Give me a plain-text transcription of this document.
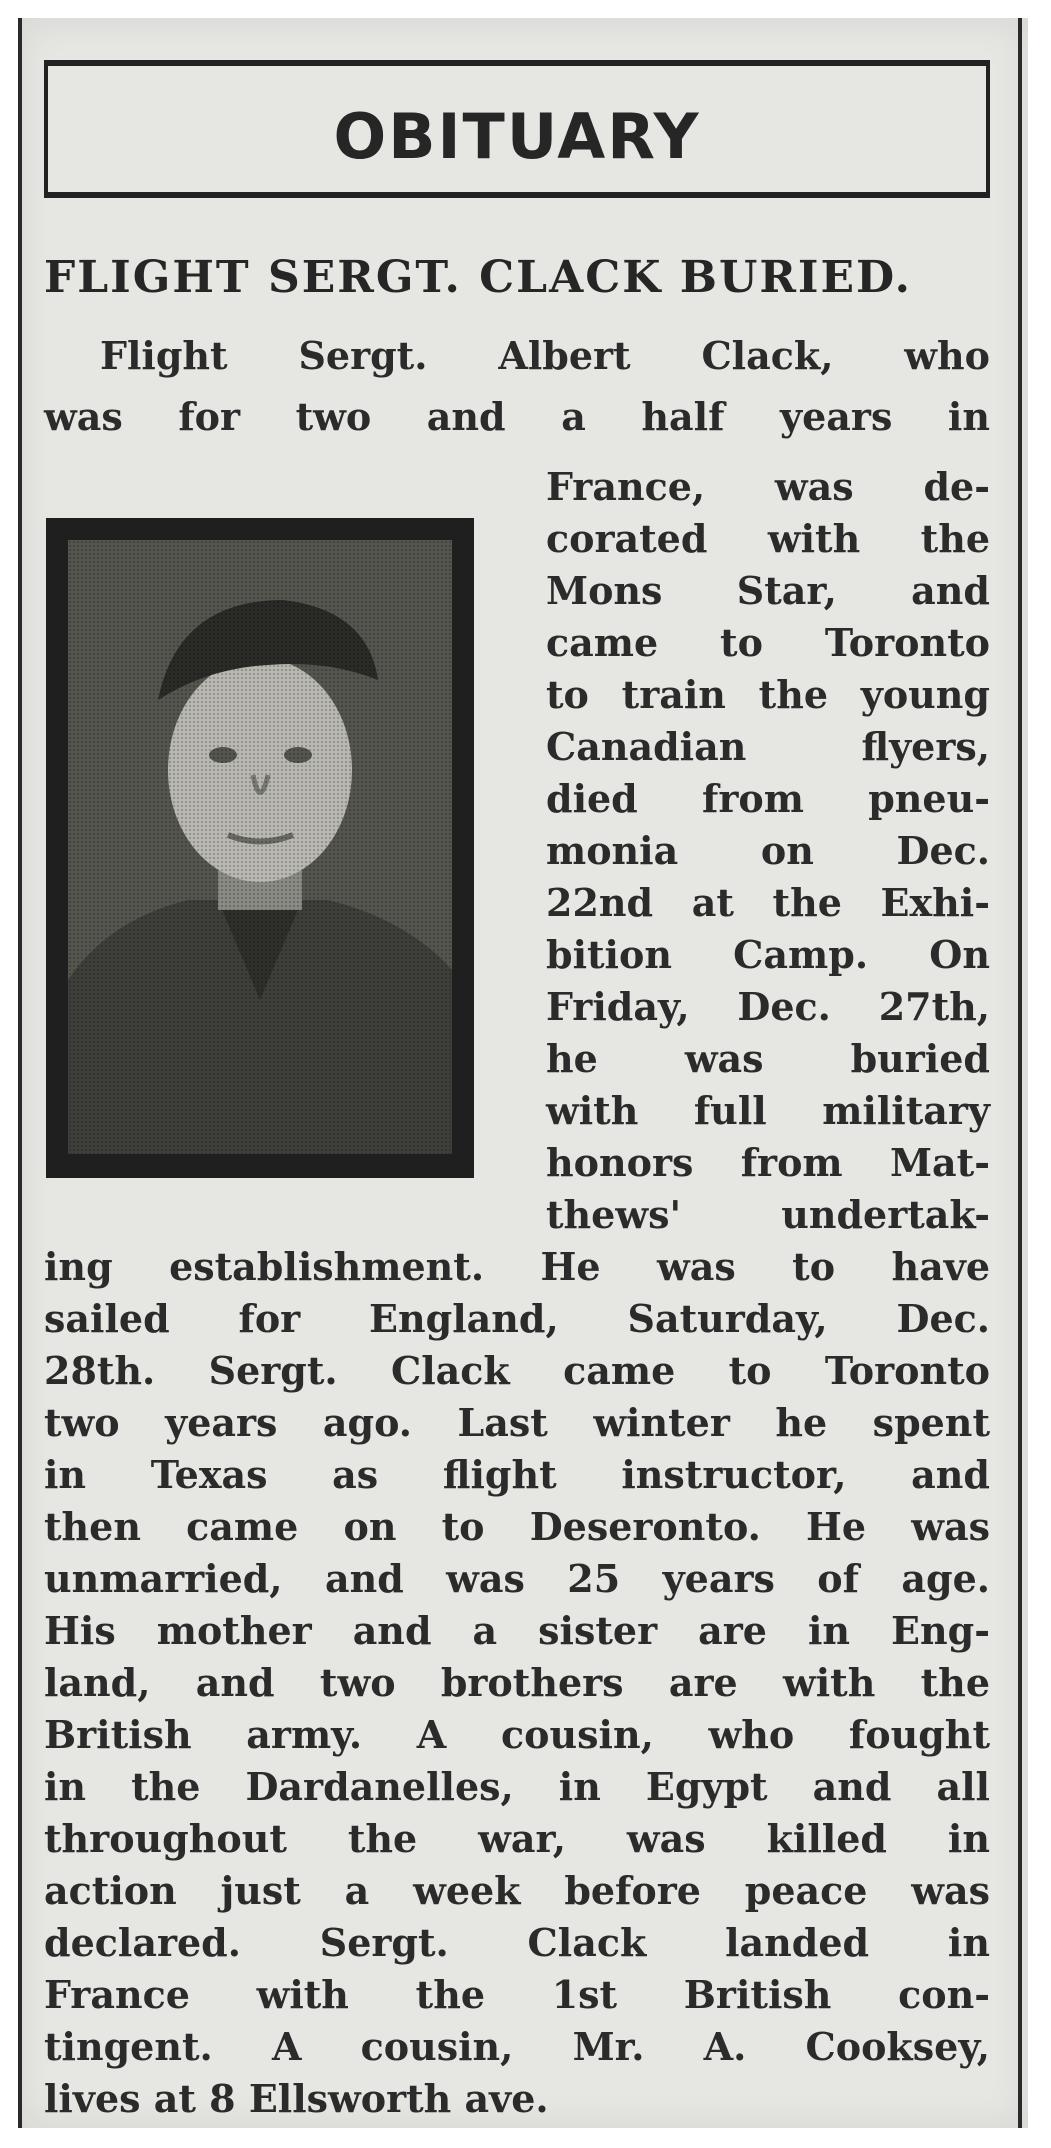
OBITUARY
FLIGHT SERGT. CLACK BURIED.
Flight Sergt. Albert Clack, who
was for two and a half years in
France, was de-
corated with the
Mons Star, and
came to Toronto
to train the young
Canadian flyers,
died from pneu-
monia on Dec.
22nd at the Exhi-
bition Camp. On
Friday, Dec. 27th,
he was buried
with full military
honors from Mat-
thews' undertak-
ing establishment. He was to have
sailed for England, Saturday, Dec.
28th. Sergt. Clack came to Toronto
two years ago. Last winter he spent
in Texas as flight instructor, and
then came on to Deseronto. He was
unmarried, and was 25 years of age.
His mother and a sister are in Eng-
land, and two brothers are with the
British army. A cousin, who fought
in the Dardanelles, in Egypt and all
throughout the war, was killed in
action just a week before peace was
declared. Sergt. Clack landed in
France with the 1st British con-
tingent. A cousin, Mr. A. Cooksey,
lives at 8 Ellsworth ave.
